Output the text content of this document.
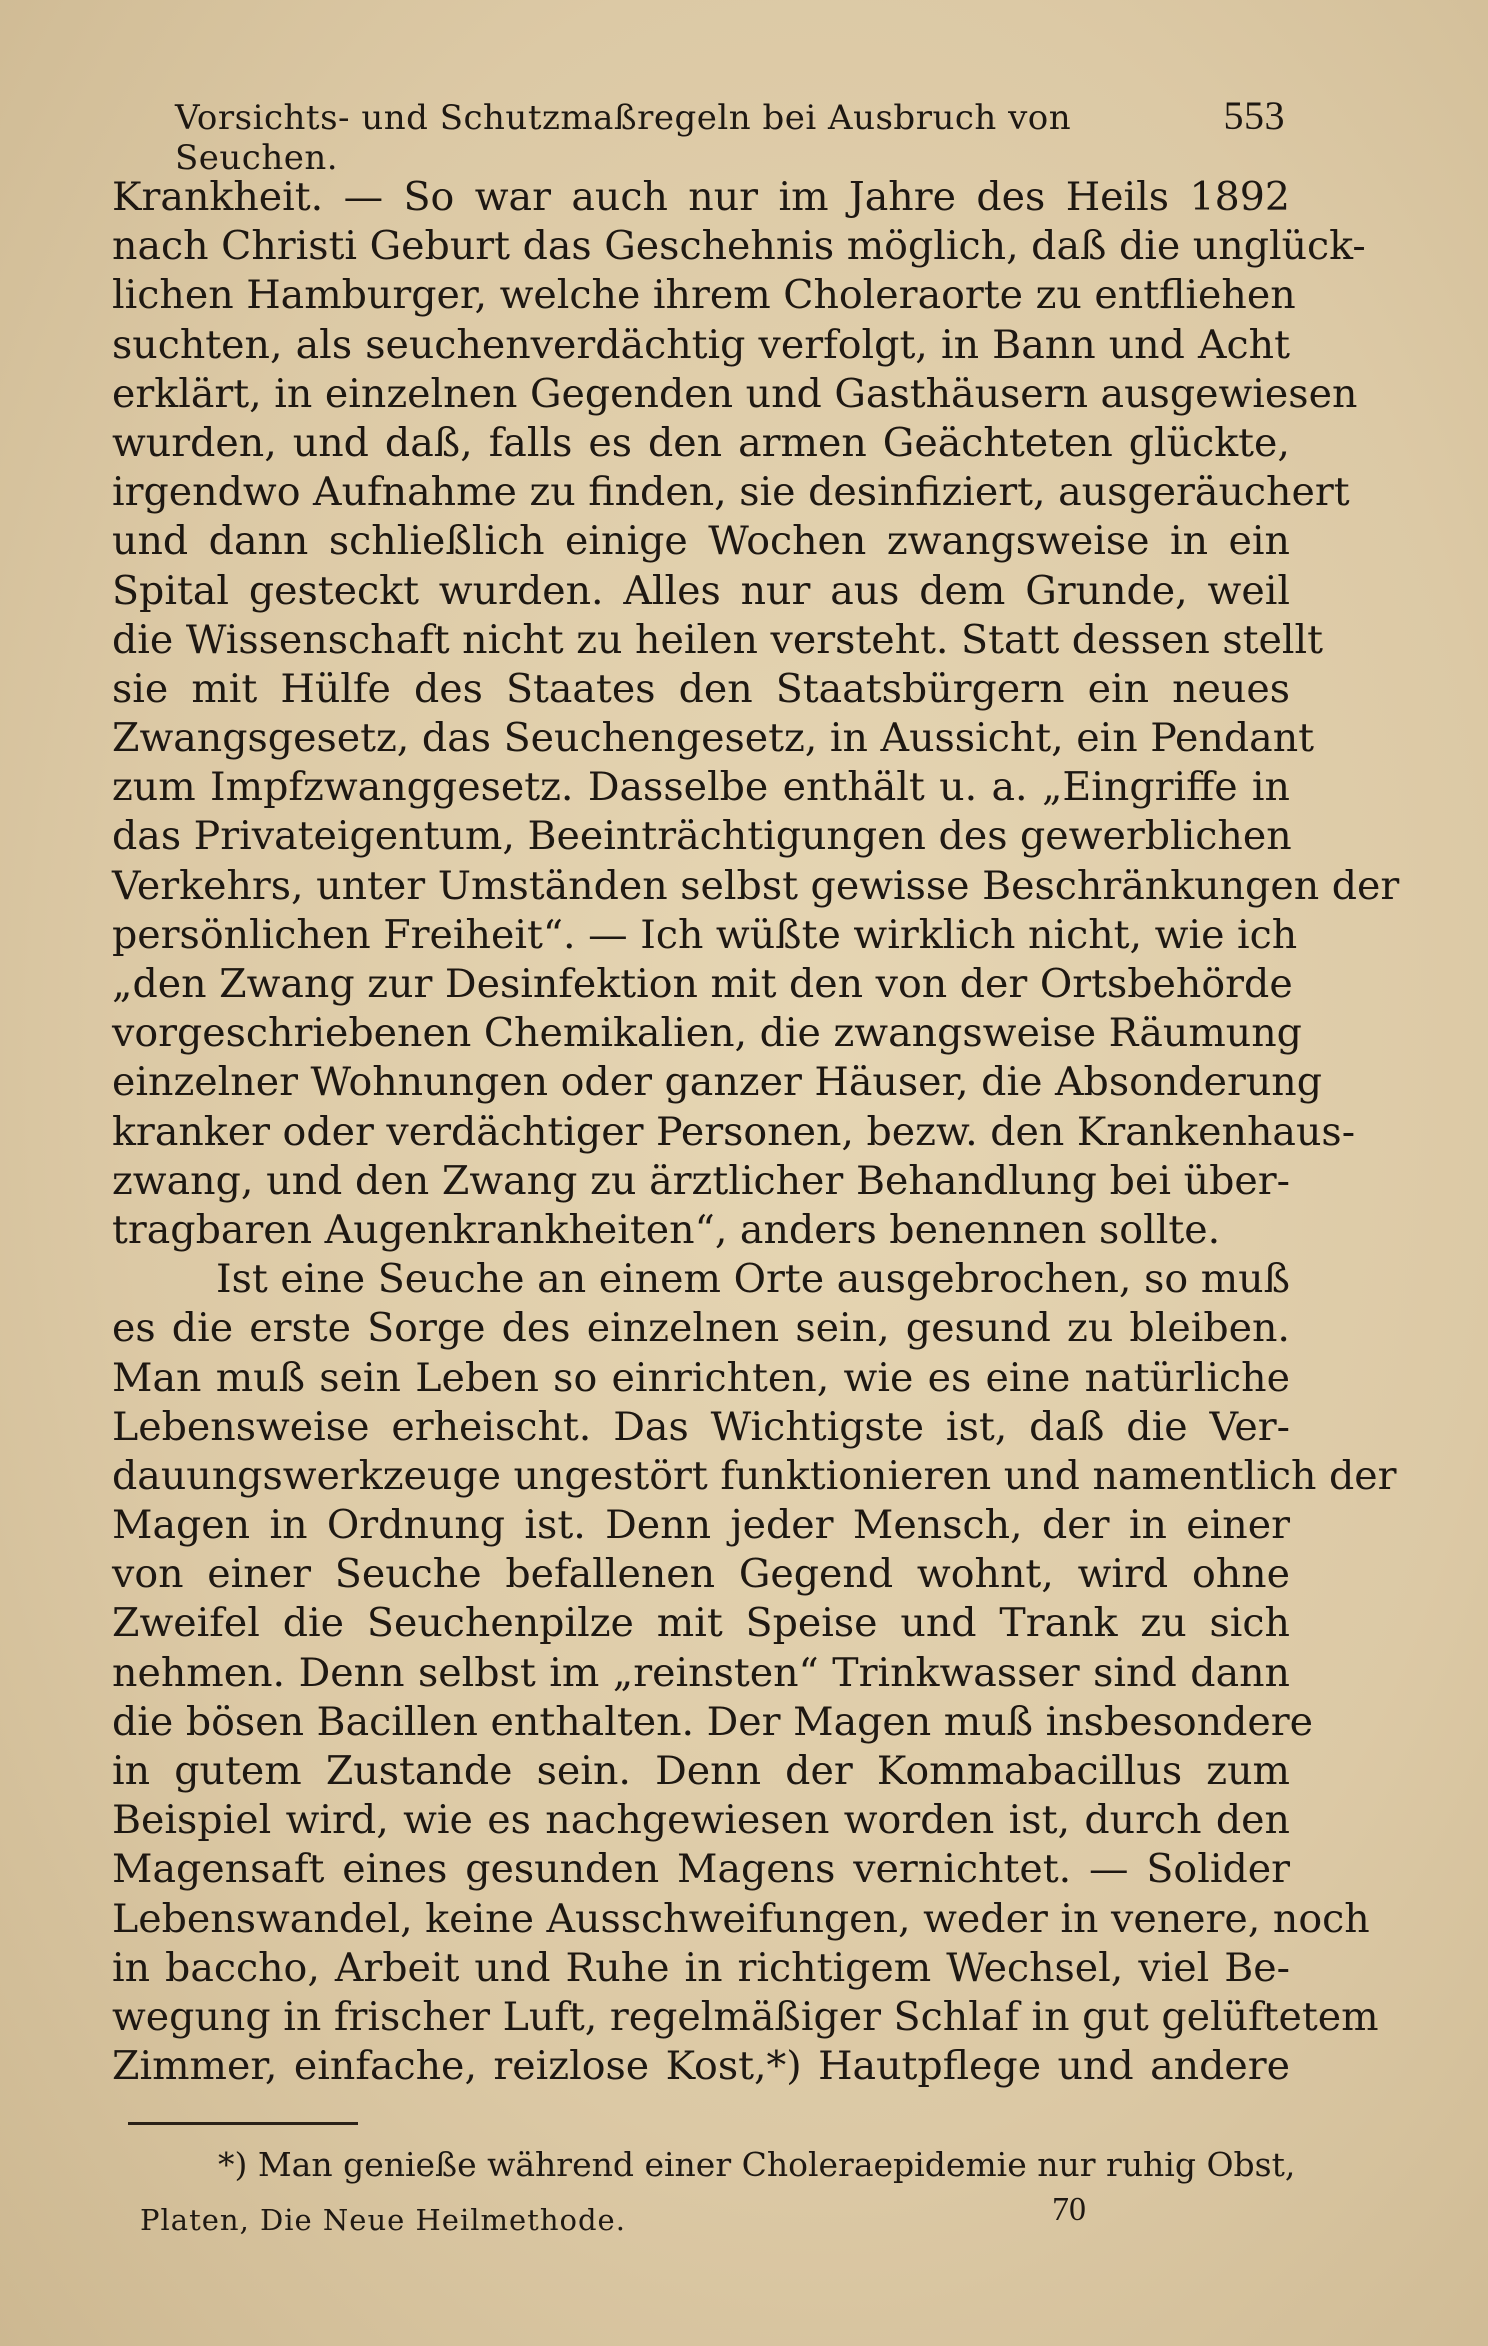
Vorsichts- und Schutzmaßregeln bei Ausbruch von Seuchen.
553
Krankheit. — So war auch nur im Jahre des Heils 1892
nach Christi Geburt das Geschehnis möglich, daß die unglück-
lichen Hamburger, welche ihrem Choleraorte zu entfliehen
suchten, als seuchenverdächtig verfolgt, in Bann und Acht
erklärt, in einzelnen Gegenden und Gasthäusern ausgewiesen
wurden, und daß, falls es den armen Geächteten glückte,
irgendwo Aufnahme zu finden, sie desinfiziert, ausgeräuchert
und dann schließlich einige Wochen zwangsweise in ein
Spital gesteckt wurden. Alles nur aus dem Grunde, weil
die Wissenschaft nicht zu heilen versteht. Statt dessen stellt
sie mit Hülfe des Staates den Staatsbürgern ein neues
Zwangsgesetz, das Seuchengesetz, in Aussicht, ein Pendant
zum Impfzwanggesetz. Dasselbe enthält u. a. „Eingriffe in
das Privateigentum, Beeinträchtigungen des gewerblichen
Verkehrs, unter Umständen selbst gewisse Beschränkungen der
persönlichen Freiheit“. — Ich wüßte wirklich nicht, wie ich
„den Zwang zur Desinfektion mit den von der Ortsbehörde
vorgeschriebenen Chemikalien, die zwangsweise Räumung
einzelner Wohnungen oder ganzer Häuser, die Absonderung
kranker oder verdächtiger Personen, bezw. den Krankenhaus-
zwang, und den Zwang zu ärztlicher Behandlung bei über-
tragbaren Augenkrankheiten“, anders benennen sollte.
Ist eine Seuche an einem Orte ausgebrochen, so muß
es die erste Sorge des einzelnen sein, gesund zu bleiben.
Man muß sein Leben so einrichten, wie es eine natürliche
Lebensweise erheischt. Das Wichtigste ist, daß die Ver-
dauungswerkzeuge ungestört funktionieren und namentlich der
Magen in Ordnung ist. Denn jeder Mensch, der in einer
von einer Seuche befallenen Gegend wohnt, wird ohne
Zweifel die Seuchenpilze mit Speise und Trank zu sich
nehmen. Denn selbst im „reinsten“ Trinkwasser sind dann
die bösen Bacillen enthalten. Der Magen muß insbesondere
in gutem Zustande sein. Denn der Kommabacillus zum
Beispiel wird, wie es nachgewiesen worden ist, durch den
Magensaft eines gesunden Magens vernichtet. — Solider
Lebenswandel, keine Ausschweifungen, weder in venere, noch
in baccho, Arbeit und Ruhe in richtigem Wechsel, viel Be-
wegung in frischer Luft, regelmäßiger Schlaf in gut gelüftetem
Zimmer, einfache, reizlose Kost,*) Hautpflege und andere
*) Man genieße während einer Choleraepidemie nur ruhig Obst,
Platen, Die Neue Heilmethode.	70
